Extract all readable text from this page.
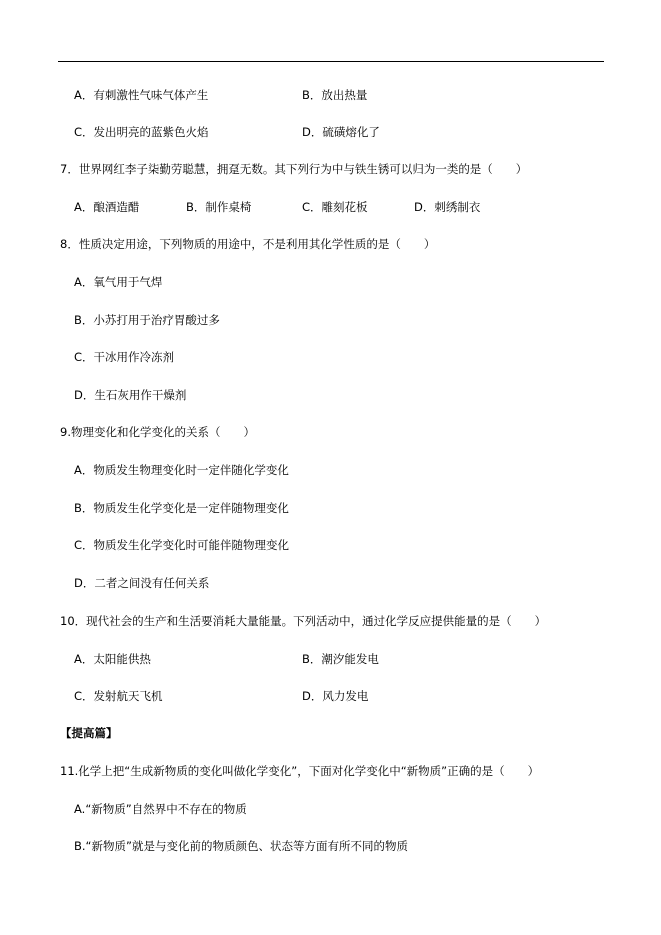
A．有刺激性气味气体产生	B．放出热量
C．发出明亮的蓝紫色火焰	D．硫磺熔化了
7．世界网红李子柒勤劳聪慧，拥趸无数。其下列行为中与铁生锈可以归为一类的是（　　）
A．酿酒造醋	B．制作桌椅	C．雕刻花板	D．刺绣制衣
8．性质决定用途，下列物质的用途中，不是利用其化学性质的是（　　）
A．氧气用于气焊
B．小苏打用于治疗胃酸过多
C．干冰用作冷冻剂
D．生石灰用作干燥剂
9.物理变化和化学变化的关系（　　）
A．物质发生物理变化时一定伴随化学变化
B．物质发生化学变化是一定伴随物理变化
C．物质发生化学变化时可能伴随物理变化
D．二者之间没有任何关系
10．现代社会的生产和生活要消耗大量能量。下列活动中，通过化学反应提供能量的是（　　）
A．太阳能供热	B．潮汐能发电
C．发射航天飞机	D．风力发电
【提高篇】
11.化学上把“生成新物质的变化叫做化学变化”，下面对化学变化中“新物质”正确的是（　　）
A.“新物质”自然界中不存在的物质
B.“新物质”就是与变化前的物质颜色、状态等方面有所不同的物质
